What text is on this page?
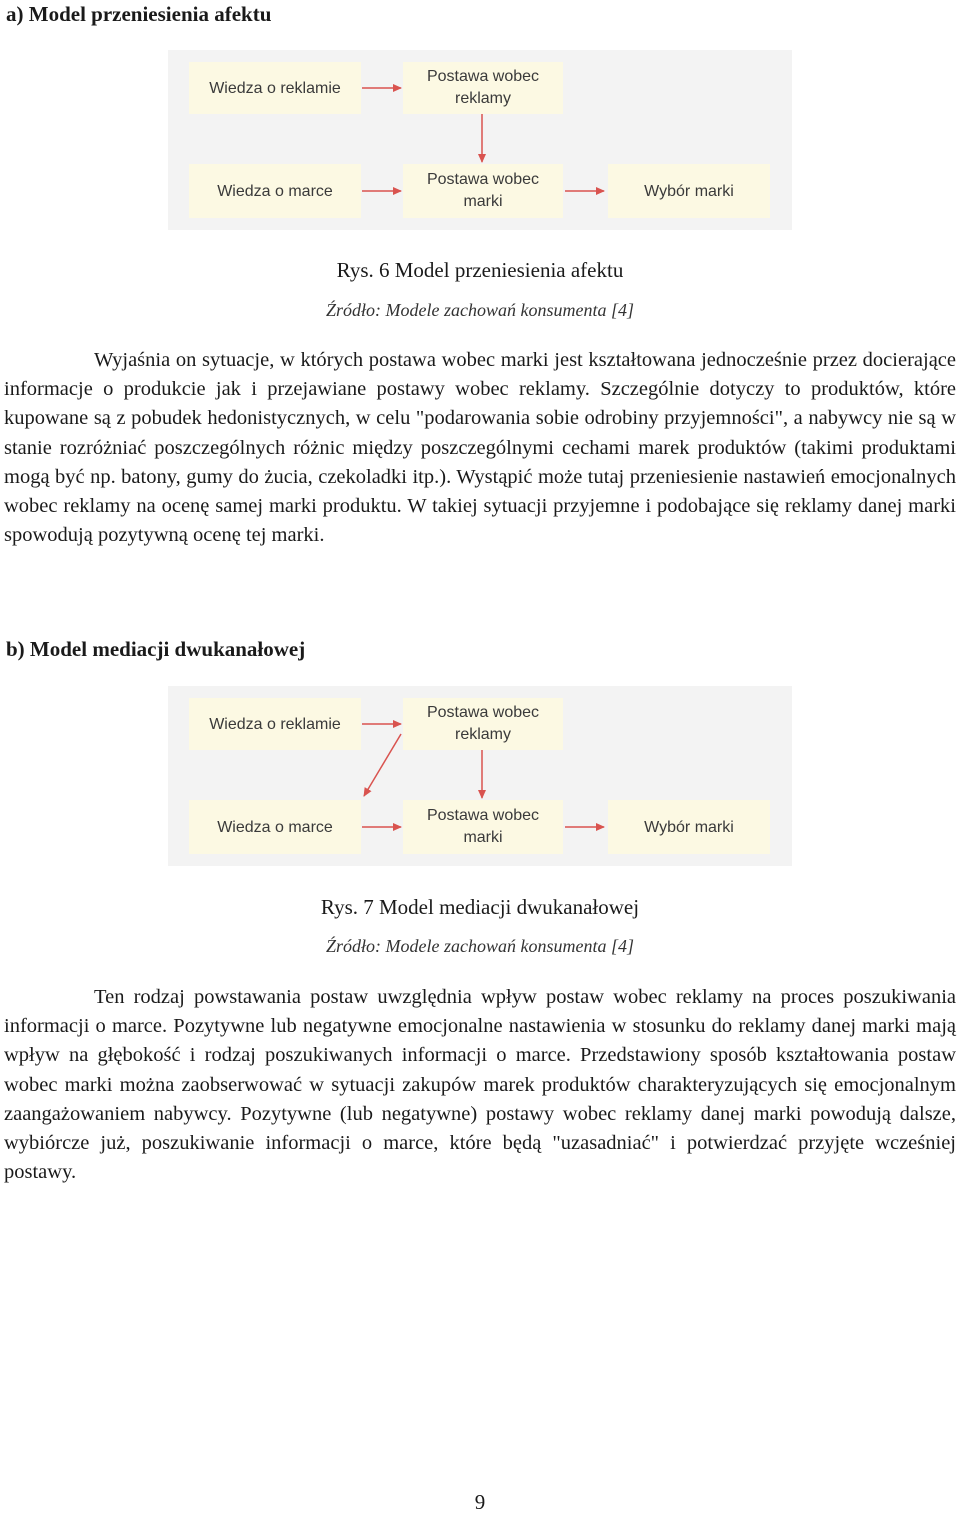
a) Model przeniesienia afektu
Wiedza o reklamie
Postawa wobec reklamy
Wiedza o marce
Postawa wobec marki
Wybór marki
Rys. 6 Model przeniesienia afektu
Źródło: Modele zachowań konsumenta [4]

Wyjaśnia on sytuacje, w których postawa wobec marki jest kształtowana jednocześnie przez docierające informacje o produkcie jak i przejawiane postawy wobec reklamy. Szczególnie dotyczy to produktów, które kupowane są z pobudek hedonistycznych, w celu "podarowania sobie odrobiny przyjemności", a nabywcy nie są w stanie rozróżniać poszczególnych różnic między poszczególnymi cechami marek produktów (takimi produktami mogą być np. batony, gumy do żucia, czekoladki itp.). Wystąpić może tutaj przeniesienie nastawień emocjonalnych wobec reklamy na ocenę samej marki produktu. W takiej sytuacji przyjemne i podobające się reklamy danej marki spowodują pozytywną ocenę tej marki.

b) Model mediacji dwukanałowej
Wiedza o reklamie
Postawa wobec reklamy
Wiedza o marce
Postawa wobec marki
Wybór marki
Rys. 7 Model mediacji dwukanałowej
Źródło: Modele zachowań konsumenta [4]

Ten rodzaj powstawania postaw uwzględnia wpływ postaw wobec reklamy na proces poszukiwania informacji o marce. Pozytywne lub negatywne emocjonalne nastawienia w stosunku do reklamy danej marki mają wpływ na głębokość i rodzaj poszukiwanych informacji o marce. Przedstawiony sposób kształtowania postaw wobec marki można zaobserwować w sytuacji zakupów marek produktów charakteryzujących się emocjonalnym zaangażowaniem nabywcy. Pozytywne (lub negatywne) postawy wobec reklamy danej marki powodują dalsze, wybiórcze już, poszukiwanie informacji o marce, które będą "uzasadniać" i potwierdzać przyjęte wcześniej postawy.

9
